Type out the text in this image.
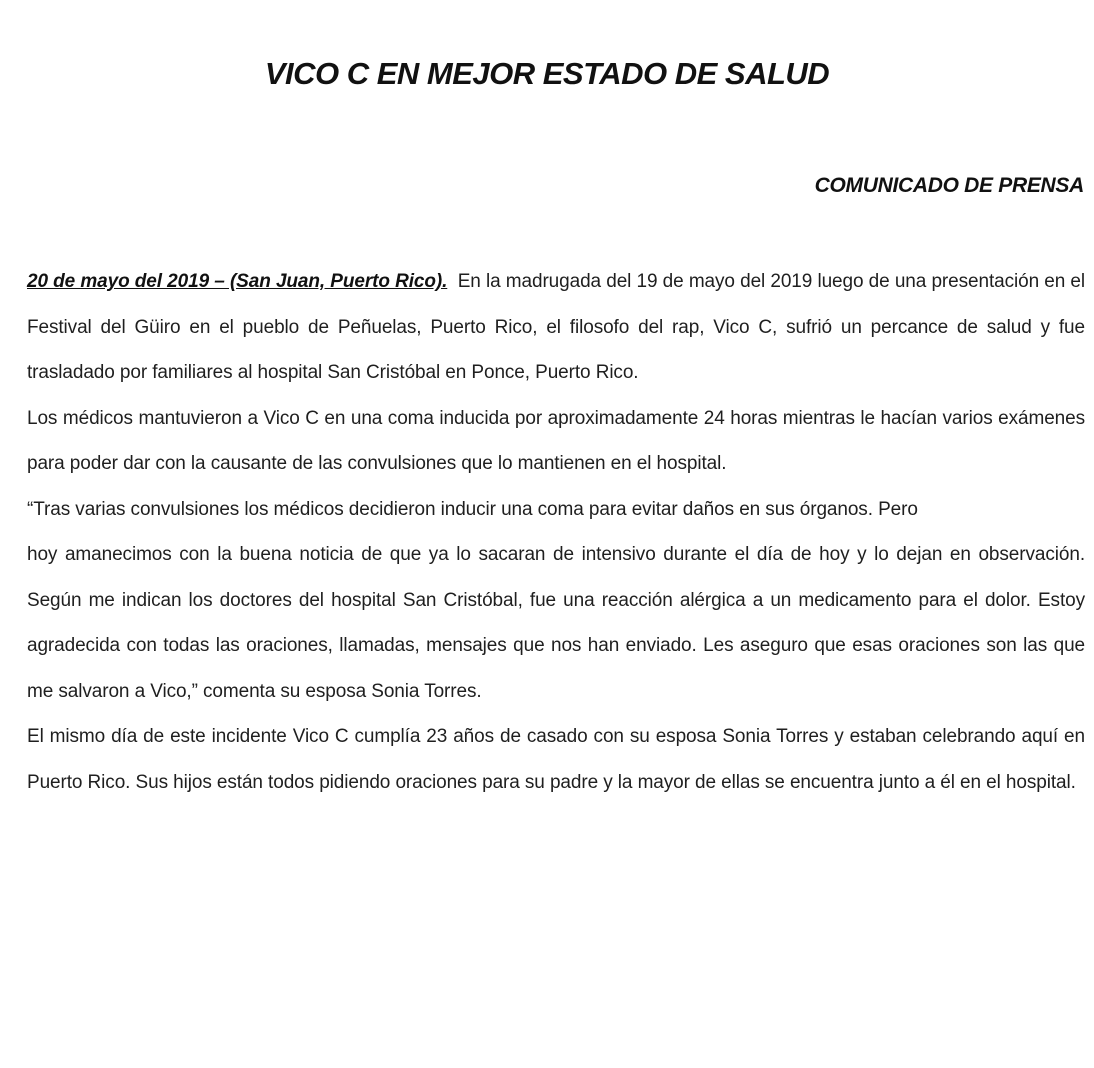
VICO C EN MEJOR ESTADO DE SALUD
COMUNICADO DE PRENSA

20 de mayo del 2019 – (San Juan, Puerto Rico). En la madrugada del 19 de mayo del 2019 luego de una presentación en el Festival del Güiro en el pueblo de Peñuelas, Puerto Rico, el filosofo del rap, Vico C, sufrió un percance de salud y fue trasladado por familiares al hospital San Cristóbal en Ponce, Puerto Rico.

Los médicos mantuvieron a Vico C en una coma inducida por aproximadamente 24 horas mientras le hacían varios exámenes para poder dar con la causante de las convulsiones que lo mantienen en el hospital.

“Tras varias convulsiones los médicos decidieron inducir una coma para evitar daños en sus órganos. Pero

hoy amanecimos con la buena noticia de que ya lo sacaran de intensivo durante el día de hoy y lo dejan en observación. Según me indican los doctores del hospital San Cristóbal, fue una reacción alérgica a un medicamento para el dolor. Estoy agradecida con todas las oraciones, llamadas, mensajes que nos han enviado. Les aseguro que esas oraciones son las que me salvaron a Vico,” comenta su esposa Sonia Torres.

El mismo día de este incidente Vico C cumplía 23 años de casado con su esposa Sonia Torres y estaban celebrando aquí en Puerto Rico. Sus hijos están todos pidiendo oraciones para su padre y la mayor de ellas se encuentra junto a él en el hospital.
